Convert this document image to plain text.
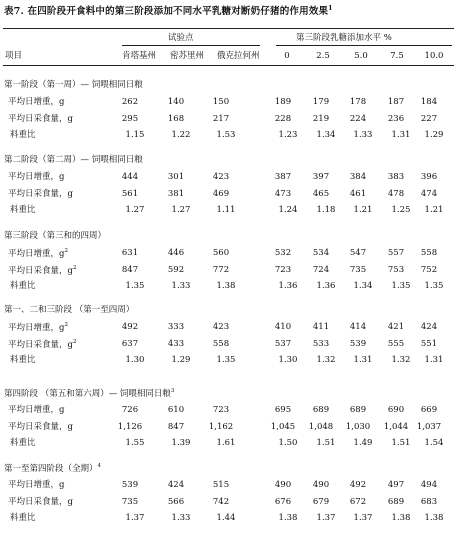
表7. 在四阶段开食料中的第三阶段添加不同水平乳糖对断奶仔猪的作用效果$^1$
试验点	第三阶段乳糖添加水平 %
项目	肯塔基州 密苏里州 俄克拉何州	0	2.5	5.0	7.5	10.0
第一阶段（第一周）— 饲喂相同日粮
平均日增重，g	262	140	150	189	179	178	187	184
平均日采食量，g	295	168	217	228	219	224	236	227
料重比	1.15	1.22	1.53	1.23	1.34	1.33	1.31	1.29
第二阶段（第二周）— 饲喂相同日粮
平均日增重，g	444	301	423	387	397	384	383	396
平均日采食量，g	561	381	469	473	465	461	478	474
料重比	1.27	1.27	1.11	1.24	1.18	1.21	1.25	1.21
第三阶段（第三和的四周）
平均日增重，$g^2$	631	446	560	532	534	547	557	558
平均日采食量，$g^2$	847	592	772	723	724	735	753	752
料重比	1.35	1.33	1.38	1.36	1.36	1.34	1.35	1.35
第一、二和三阶段 （第一至四周）
平均日增重，$g^2$	492	333	423	410	411	414	421	424
平均日采食量，$g^2$	637	433	558	537	533	539	555	551
料重比	1.30	1.29	1.35	1.30	1.32	1.31	1.32	1.31
第四阶段 （第五和第六周）— 饲喂相同日粮$^3$
平均日增重，g	726	610	723	695	689	689	690	669
平均日采食量，g	1,126	847	1,162	1,045	1,048	1,030	1,044	1,037
料重比	1.55	1.39	1.61	1.50	1.51	1.49	1.51	1.54
第一至第四阶段（全期）$^4$
平均日增重，g	539	424	515	490	490	492	497	494
平均日采食量，g	735	566	742	676	679	672	689	683
料重比	1.37	1.33	1.44	1.38	1.37	1.37	1.38	1.38
